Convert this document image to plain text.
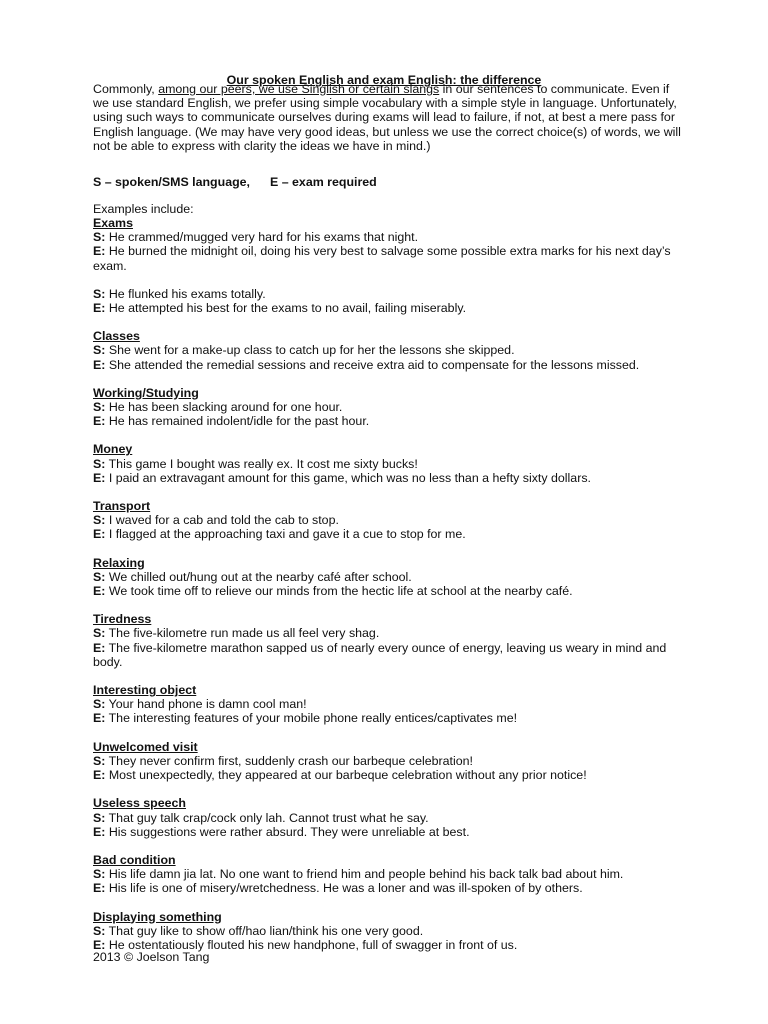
Our spoken English and exam English: the difference

Commonly, among our peers, we use Singlish or certain slangs in our sentences to communicate. Even if we use standard English, we prefer using simple vocabulary with a simple style in language. Unfortunately, using such ways to communicate ourselves during exams will lead to failure, if not, at best a mere pass for English language. (We may have very good ideas, but unless we use the correct choice(s) of words, we will not be able to express with clarity the ideas we have in mind.)

S – spoken/SMS language, E – exam required

Examples include:

Exams

S: He crammed/mugged very hard for his exams that night.

E: He burned the midnight oil, doing his very best to salvage some possible extra marks for his next day’s exam.

S: He flunked his exams totally.

E: He attempted his best for the exams to no avail, failing miserably.

Classes

S: She went for a make-up class to catch up for her the lessons she skipped.

E: She attended the remedial sessions and receive extra aid to compensate for the lessons missed.

Working/Studying

S: He has been slacking around for one hour.

E: He has remained indolent/idle for the past hour.

Money

S: This game I bought was really ex. It cost me sixty bucks!

E: I paid an extravagant amount for this game, which was no less than a hefty sixty dollars.

Transport

S: I waved for a cab and told the cab to stop.

E: I flagged at the approaching taxi and gave it a cue to stop for me.

Relaxing

S: We chilled out/hung out at the nearby café after school.

E: We took time off to relieve our minds from the hectic life at school at the nearby café.

Tiredness

S: The five-kilometre run made us all feel very shag.

E: The five-kilometre marathon sapped us of nearly every ounce of energy, leaving us weary in mind and body.

Interesting object

S: Your hand phone is damn cool man!

E: The interesting features of your mobile phone really entices/captivates me!

Unwelcomed visit

S: They never confirm first, suddenly crash our barbeque celebration!

E: Most unexpectedly, they appeared at our barbeque celebration without any prior notice!

Useless speech

S: That guy talk crap/cock only lah. Cannot trust what he say.

E: His suggestions were rather absurd. They were unreliable at best.

Bad condition

S: His life damn jia lat. No one want to friend him and people behind his back talk bad about him.

E: His life is one of misery/wretchedness. He was a loner and was ill-spoken of by others.

Displaying something

S: That guy like to show off/hao lian/think his one very good.

E: He ostentatiously flouted his new handphone, full of swagger in front of us.

2013 © Joelson Tang
